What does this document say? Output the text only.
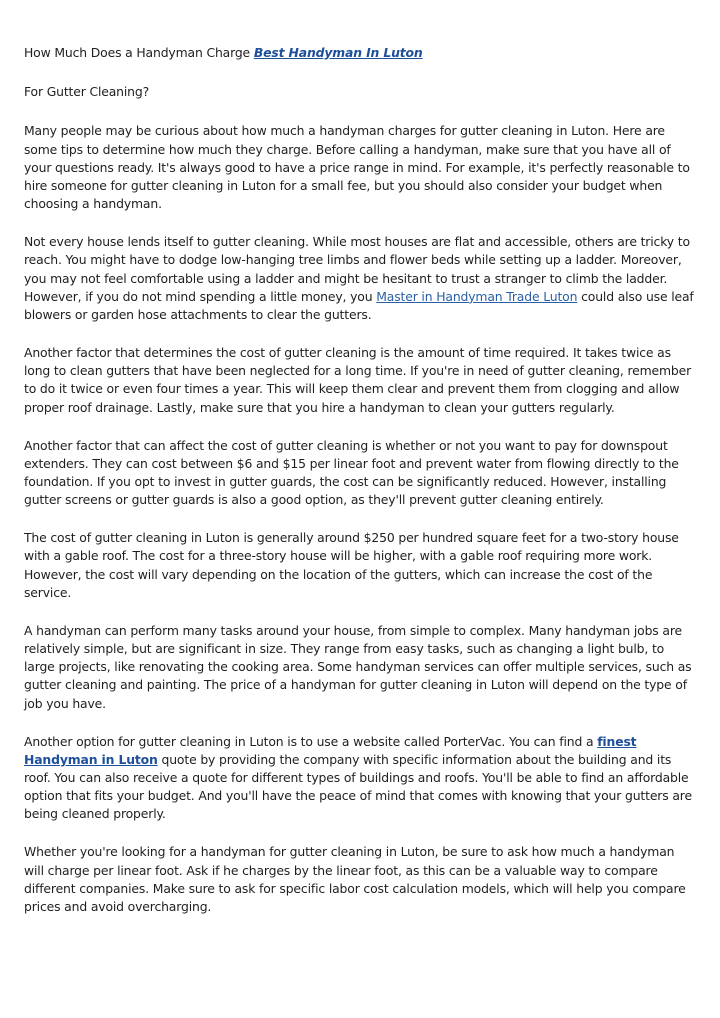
How Much Does a Handyman Charge Best Handyman In Luton

For Gutter Cleaning?

Many people may be curious about how much a handyman charges for gutter cleaning in Luton. Here are some tips to determine how much they charge. Before calling a handyman, make sure that you have all of your questions ready. It's always good to have a price range in mind. For example, it's perfectly reasonable to hire someone for gutter cleaning in Luton for a small fee, but you should also consider your budget when choosing a handyman.

Not every house lends itself to gutter cleaning. While most houses are flat and accessible, others are tricky to reach. You might have to dodge low-hanging tree limbs and flower beds while setting up a ladder. Moreover, you may not feel comfortable using a ladder and might be hesitant to trust a stranger to climb the ladder. However, if you do not mind spending a little money, you Master in Handyman Trade Luton could also use leaf blowers or garden hose attachments to clear the gutters.

Another factor that determines the cost of gutter cleaning is the amount of time required. It takes twice as long to clean gutters that have been neglected for a long time. If you're in need of gutter cleaning, remember to do it twice or even four times a year. This will keep them clear and prevent them from clogging and allow proper roof drainage. Lastly, make sure that you hire a handyman to clean your gutters regularly.

Another factor that can affect the cost of gutter cleaning is whether or not you want to pay for downspout extenders. They can cost between $6 and $15 per linear foot and prevent water from flowing directly to the foundation. If you opt to invest in gutter guards, the cost can be significantly reduced. However, installing gutter screens or gutter guards is also a good option, as they'll prevent gutter cleaning entirely.

The cost of gutter cleaning in Luton is generally around $250 per hundred square feet for a two-story house with a gable roof. The cost for a three-story house will be higher, with a gable roof requiring more work. However, the cost will vary depending on the location of the gutters, which can increase the cost of the service.

A handyman can perform many tasks around your house, from simple to complex. Many handyman jobs are relatively simple, but are significant in size. They range from easy tasks, such as changing a light bulb, to large projects, like renovating the cooking area. Some handyman services can offer multiple services, such as gutter cleaning and painting. The price of a handyman for gutter cleaning in Luton will depend on the type of job you have.

Another option for gutter cleaning in Luton is to use a website called PorterVac. You can find a finest Handyman in Luton quote by providing the company with specific information about the building and its roof. You can also receive a quote for different types of buildings and roofs. You'll be able to find an affordable option that fits your budget. And you'll have the peace of mind that comes with knowing that your gutters are being cleaned properly.

Whether you're looking for a handyman for gutter cleaning in Luton, be sure to ask how much a handyman will charge per linear foot. Ask if he charges by the linear foot, as this can be a valuable way to compare different companies. Make sure to ask for specific labor cost calculation models, which will help you compare prices and avoid overcharging.
